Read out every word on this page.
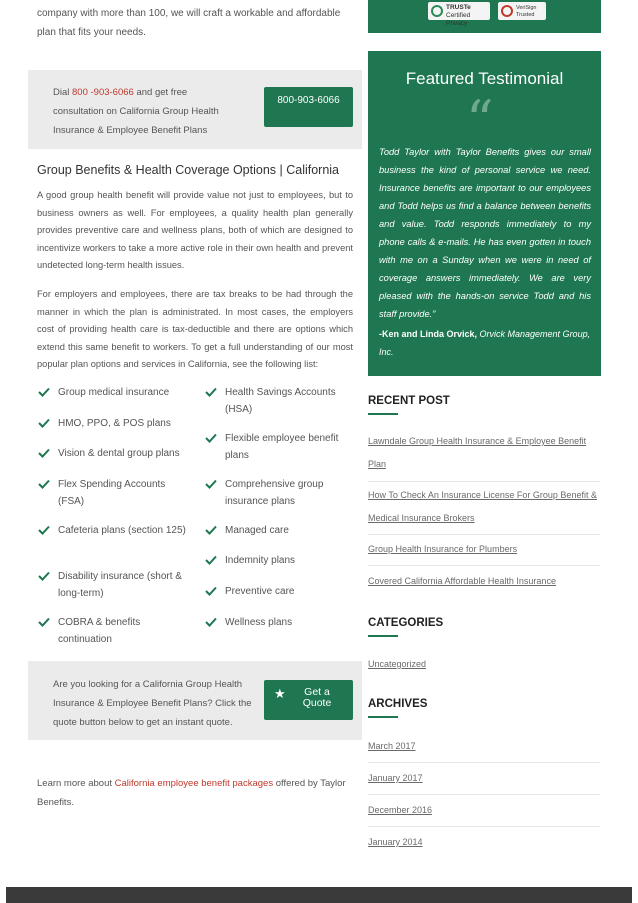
company with more than 100, we will craft a workable and affordable plan that fits your needs.

Dial 800 -903-6066 and get free consultation on California Group Health Insurance & Employee Benefit Plans

800-903-6066
Group Benefits & Health Coverage Options | California

A good group health benefit will provide value not just to employees, but to business owners as well. For employees, a quality health plan generally provides preventive care and wellness plans, both of which are designed to incentivize workers to take a more active role in their own health and prevent undetected long-term health issues.

For employers and employees, there are tax breaks to be had through the manner in which the plan is administrated. In most cases, the employers cost of providing health care is tax-deductible and there are options which extend this same benefit to workers. To get a full understanding of our most popular plan options and services in California, see the following list:

Group medical insurance
HMO, PPO, & POS plans
Vision & dental group plans
Flex Spending Accounts (FSA)
Cafeteria plans (section 125)
Disability insurance (short & long-term)
COBRA & benefits continuation
Health Savings Accounts (HSA)
Flexible employee benefit plans
Comprehensive group insurance plans
Managed care
Indemnity plans
Preventive care
Wellness plans

Are you looking for a California Group Health Insurance & Employee Benefit Plans? Click the quote button below to get an instant quote.

★	Get a Quote

Learn more about California employee benefit packages offered by Taylor Benefits.

TRUSTe
Certified Privacy
VeriSign
Trusted
Featured Testimonial
“

Todd Taylor with Taylor Benefits gives our small business the kind of personal service we need. Insurance benefits are important to our employees and Todd helps us find a balance between benefits and value. Todd responds immediately to my phone calls & e-mails. He has even gotten in touch with me on a Sunday when we were in need of coverage answers immediately. We are very pleased with the hands-on service Todd and his staff provide.”

-Ken and Linda Orvick, Orvick Management Group, Inc.

RECENT POST
Lawndale Group Health Insurance & Employee Benefit Plan
How To Check An Insurance License For Group Benefit & Medical Insurance Brokers
Group Health Insurance for Plumbers
Covered California Affordable Health Insurance
CATEGORIES
Uncategorized
ARCHIVES
March 2017
January 2017
December 2016
January 2014
